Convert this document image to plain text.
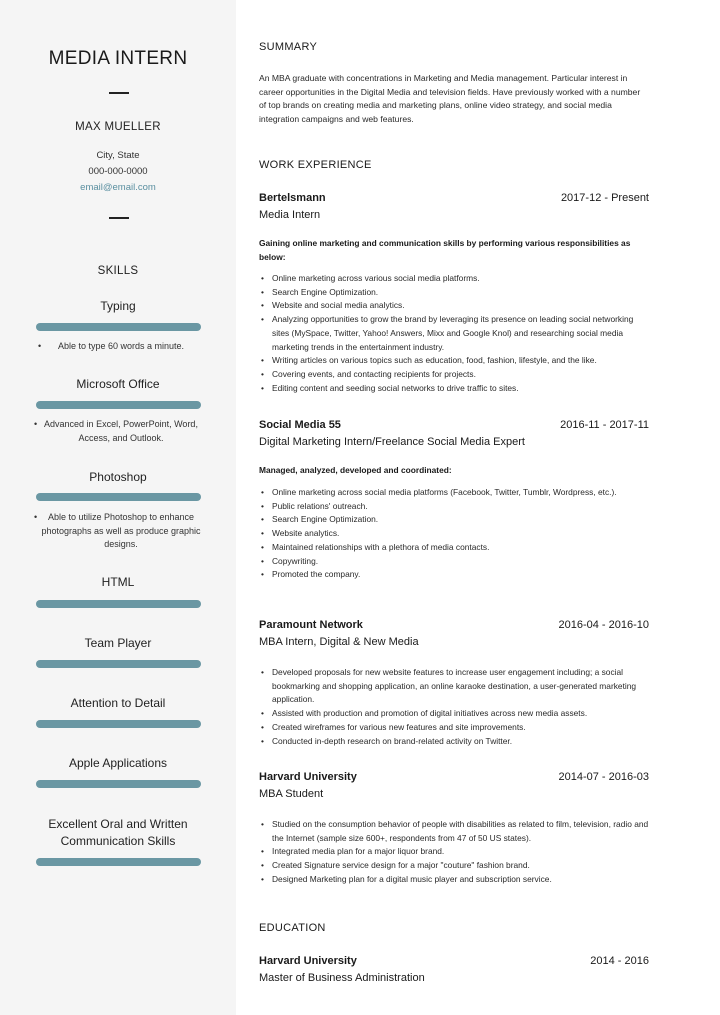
MEDIA INTERN
MAX MUELLER
City, State
000-000-0000
email@email.com
SKILLS
Typing
• Able to type 60 words a minute.
Microsoft Office
• Advanced in Excel, PowerPoint, Word, Access, and Outlook.
Photoshop
• Able to utilize Photoshop to enhance photographs as well as produce graphic designs.
HTML
Team Player
Attention to Detail
Apple Applications
Excellent Oral and Written Communication Skills
SUMMARY
An MBA graduate with concentrations in Marketing and Media management. Particular interest in career opportunities in the Digital Media and television fields. Have previously worked with a number of top brands on creating media and marketing plans, online video strategy, and social media integration campaigns and web features.
WORK EXPERIENCE
Bertelsmann	2017-12 - Present
Media Intern
Gaining online marketing and communication skills by performing various responsibilities as below:
• Online marketing across various social media platforms.
• Search Engine Optimization.
• Website and social media analytics.
• Analyzing opportunities to grow the brand by leveraging its presence on leading social networking sites (MySpace, Twitter, Yahoo! Answers, Mixx and Google Knol) and researching social media marketing trends in the entertainment industry.
• Writing articles on various topics such as education, food, fashion, lifestyle, and the like.
• Covering events, and contacting recipients for projects.
• Editing content and seeding social networks to drive traffic to sites.
Social Media 55	2016-11 - 2017-11
Digital Marketing Intern/Freelance Social Media Expert
Managed, analyzed, developed and coordinated:
• Online marketing across social media platforms (Facebook, Twitter, Tumblr, Wordpress, etc.).
• Public relations' outreach.
• Search Engine Optimization.
• Website analytics.
• Maintained relationships with a plethora of media contacts.
• Copywriting.
• Promoted the company.
Paramount Network	2016-04 - 2016-10
MBA Intern, Digital & New Media
• Developed proposals for new website features to increase user engagement including; a social bookmarking and shopping application, an online karaoke destination, a user-generated marketing application.
• Assisted with production and promotion of digital initiatives across new media assets.
• Created wireframes for various new features and site improvements.
• Conducted in-depth research on brand-related activity on Twitter.
Harvard University	2014-07 - 2016-03
MBA Student
• Studied on the consumption behavior of people with disabilities as related to film, television, radio and the Internet (sample size 600+, respondents from 47 of 50 US states).
• Integrated media plan for a major liquor brand.
• Created Signature service design for a major "couture" fashion brand.
• Designed Marketing plan for a digital music player and subscription service.
EDUCATION
Harvard University	2014 - 2016
Master of Business Administration
